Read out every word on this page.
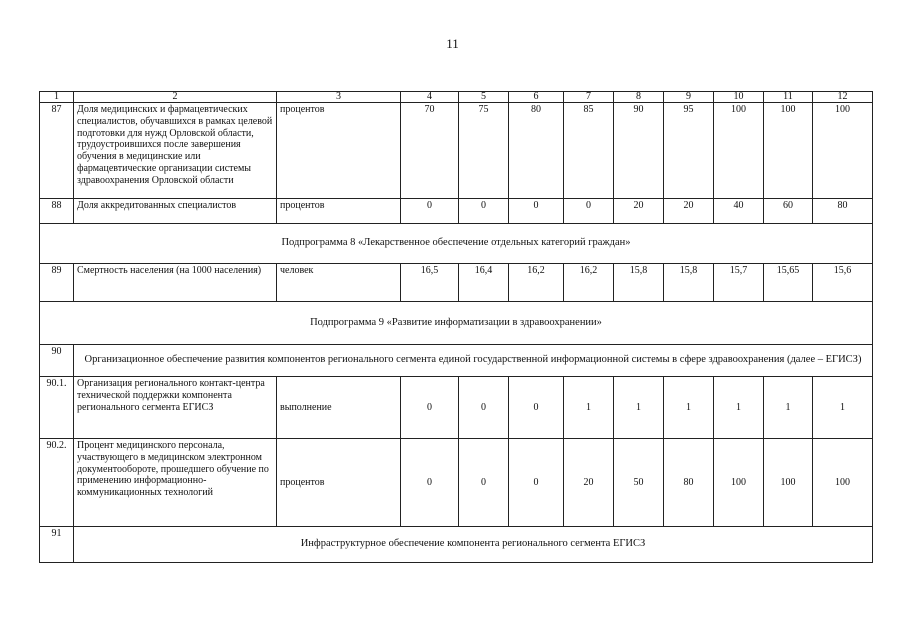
11
1	2	3	4	5	6	7	8	9	10	11	12
87	Доля медицинских и фармацевтических специалистов, обучавшихся в рамках целевой подготовки для нужд Орловской области, трудоустроившихся после завершения обучения в медицинские или фармацевтические организации системы здравоохранения Орловской области	процентов	70	75	80	85	90	95	100	100	100
88	Доля аккредитованных специалистов	процентов	0	0	0	0	20	20	40	60	80
Подпрограмма 8 «Лекарственное обеспечение отдельных категорий граждан»											
89	Смертность населения (на 1000 населения)	человек	16,5	16,4	16,2	16,2	15,8	15,8	15,7	15,65	15,6
Подпрограмма 9 «Развитие информатизации в здравоохранении»											
90	Организационное обеспечение развития компонентов регионального сегмента единой государственной информационной системы в сфере здравоохранения (далее – ЕГИСЗ)										
90.1.	Организация регионального контакт-центра технической поддержки компонента регионального сегмента ЕГИСЗ	выполнение	0	0	0	1	1	1	1	1	1
90.2.	Процент медицинского персонала, участвующего в медицинском электронном документообороте, прошедшего обучение по применению информационно-коммуникационных технологий	процентов	0	0	0	20	50	80	100	100	100
91	Инфраструктурное обеспечение компонента регионального сегмента ЕГИСЗ										
